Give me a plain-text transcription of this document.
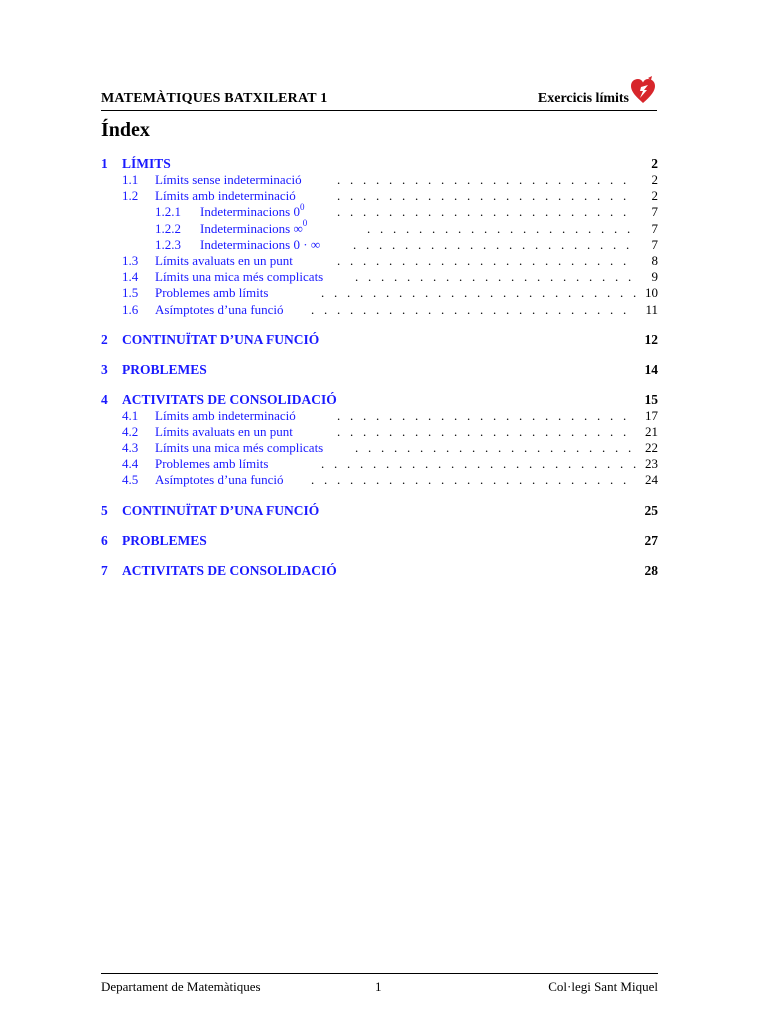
MATEMÀTIQUES BATXILERAT 1	Exercicis límits
Índex
1 LÍMITS	2
1.1 Límits sense indeterminació .   .	2
1.2 Límits amb indeterminació .   .	2
1.2.1 Indeterminacions $0^0$ .   .	7
1.2.2 Indeterminacions ∞$^0$ .   .	7
1.2.3 Indeterminacions 0 · ∞ .   .	7
1.3 Límits avaluats en un punt .   .	8
1.4 Límits una mica més complicats .   .	9
1.5 Problemes amb límits .   .	10
1.6 Asímptotes d’una funció .   .	11
2 CONTINUÏTAT D’UNA FUNCIÓ	12
3 PROBLEMES	14
4 ACTIVITATS DE CONSOLIDACIÓ	15
4.1 Límits amb indeterminació .   .	17
4.2 Límits avaluats en un punt .   .	21
4.3 Límits una mica més complicats .   .	22
4.4 Problemes amb límits .   .	23
4.5 Asímptotes d’una funció .   .	24
5 CONTINUÏTAT D’UNA FUNCIÓ	25
6 PROBLEMES	27
7 ACTIVITATS DE CONSOLIDACIÓ	28
Departament de Matemàtiques	1	Col·legi Sant Miquel
